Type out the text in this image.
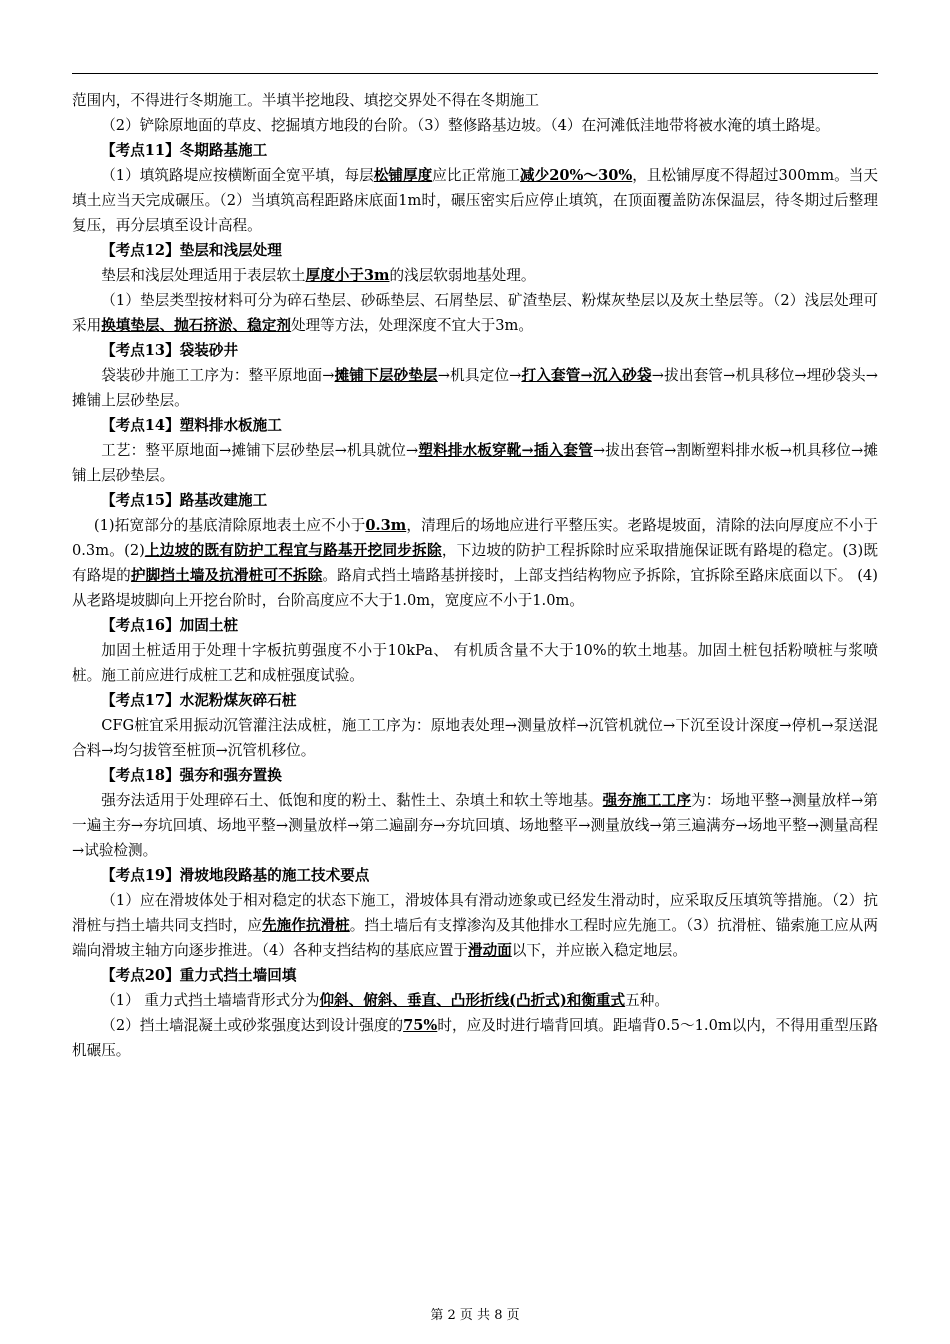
范围内，不得进行冬期施工。半填半挖地段、填挖交界处不得在冬期施工

（2）铲除原地面的草皮、挖掘填方地段的台阶。（3）整修路基边坡。（4）在河滩低洼地带将被水淹的填土路堤。

【考点11】冬期路基施工

（1）填筑路堤应按横断面全宽平填，每层松铺厚度应比正常施工减少20%～30%，且松铺厚度不得超过300mm。当天填土应当天完成碾压。（2）当填筑高程距路床底面1m时，碾压密实后应停止填筑，在顶面覆盖防冻保温层，待冬期过后整理复压，再分层填至设计高程。

【考点12】垫层和浅层处理

垫层和浅层处理适用于表层软土厚度小于3m的浅层软弱地基处理。

（1）垫层类型按材料可分为碎石垫层、砂砾垫层、石屑垫层、矿渣垫层、粉煤灰垫层以及灰土垫层等。（2）浅层处理可采用换填垫层、抛石挤淤、稳定剂处理等方法，处理深度不宜大于3m。

【考点13】袋装砂井

袋装砂井施工工序为：整平原地面→摊铺下层砂垫层→机具定位→打入套管→沉入砂袋→拔出套管→机具移位→埋砂袋头→摊铺上层砂垫层。

【考点14】塑料排水板施工

工艺：整平原地面→摊铺下层砂垫层→机具就位→塑料排水板穿靴→插入套管→拔出套管→割断塑料排水板→机具移位→摊铺上层砂垫层。

【考点15】路基改建施工

(1)拓宽部分的基底清除原地表土应不小于0.3m，清理后的场地应进行平整压实。老路堤坡面，清除的法向厚度应不小于0.3m。(2)上边坡的既有防护工程宜与路基开挖同步拆除，下边坡的防护工程拆除时应采取措施保证既有路堤的稳定。(3)既有路堤的护脚挡土墙及抗滑桩可不拆除。路肩式挡土墙路基拼接时，上部支挡结构物应予拆除，宜拆除至路床底面以下。 (4)从老路堤坡脚向上开挖台阶时，台阶高度应不大于1.0m，宽度应不小于1.0m。

【考点16】加固土桩

加固土桩适用于处理十字板抗剪强度不小于10kPa、 有机质含量不大于10%的软土地基。加固土桩包括粉喷桩与浆喷桩。施工前应进行成桩工艺和成桩强度试验。

【考点17】水泥粉煤灰碎石桩

CFG桩宜采用振动沉管灌注法成桩，施工工序为：原地表处理→测量放样→沉管机就位→下沉至设计深度→停机→泵送混合料→均匀拔管至桩顶→沉管机移位。

【考点18】强夯和强夯置换

强夯法适用于处理碎石土、低饱和度的粉土、黏性土、杂填土和软土等地基。强夯施工工序为：场地平整→测量放样→第一遍主夯→夯坑回填、场地平整→测量放样→第二遍副夯→夯坑回填、场地整平→测量放线→第三遍满夯→场地平整→测量高程→试验检测。

【考点19】滑坡地段路基的施工技术要点

（1）应在滑坡体处于相对稳定的状态下施工，滑坡体具有滑动迹象或已经发生滑动时，应采取反压填筑等措施。（2）抗滑桩与挡土墙共同支挡时，应先施作抗滑桩。挡土墙后有支撑渗沟及其他排水工程时应先施工。（3）抗滑桩、锚索施工应从两端向滑坡主轴方向逐步推进。（4）各种支挡结构的基底应置于滑动面以下，并应嵌入稳定地层。

【考点20】重力式挡土墙回填

（1） 重力式挡土墙墙背形式分为仰斜、俯斜、垂直、凸形折线(凸折式)和衡重式五种。

（2）挡土墙混凝土或砂浆强度达到设计强度的75%时，应及时进行墙背回填。距墙背0.5～1.0m以内，不得用重型压路机碾压。

第 2 页 共 8 页
